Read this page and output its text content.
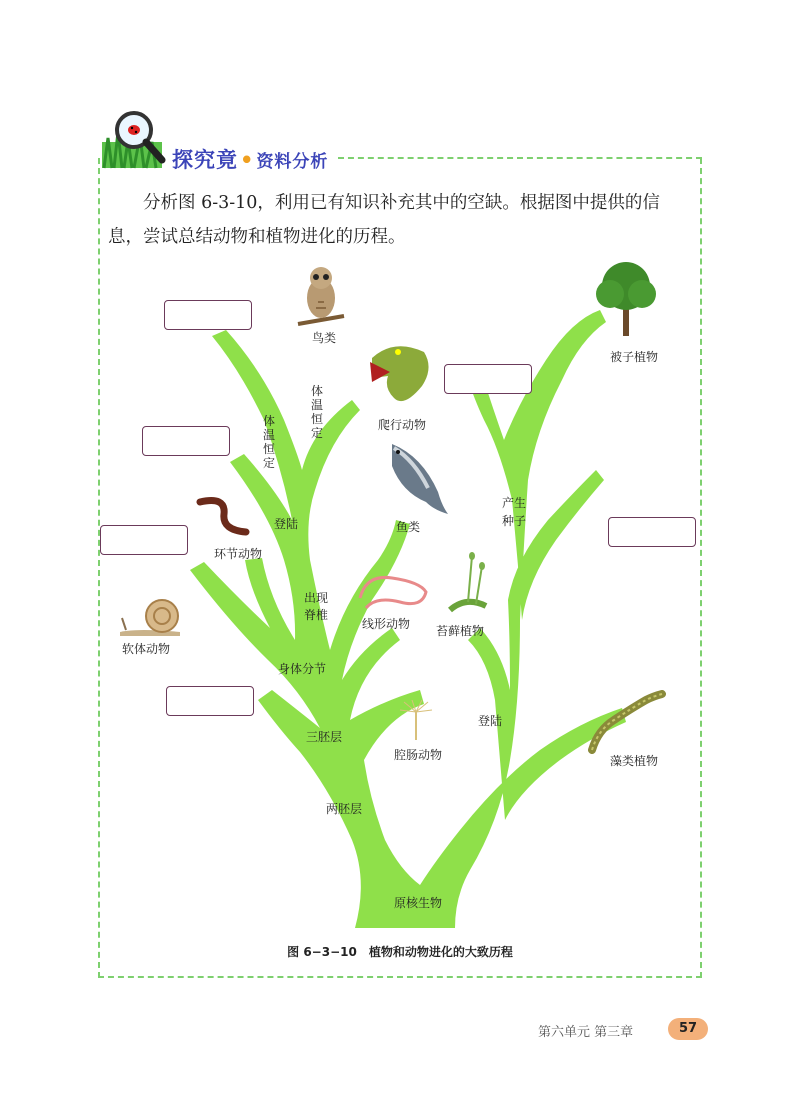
探究竟• 资料分析
分析图 6-3-10，利用已有知识补充其中的空缺。根据图中提供的信息，尝试总结动物和植物进化的历程。
鸟类
爬行动物
鱼类
环节动物
软体动物
线形动物 苔藓植物
腔肠动物
被子植物
藻类植物
原核生物
两胚层
三胚层
身体分节
出现
脊椎
登陆
体温恒定
体温恒定
登陆
产生
种子
图 6−3−10　植物和动物进化的大致历程
第六单元 第三章	57
